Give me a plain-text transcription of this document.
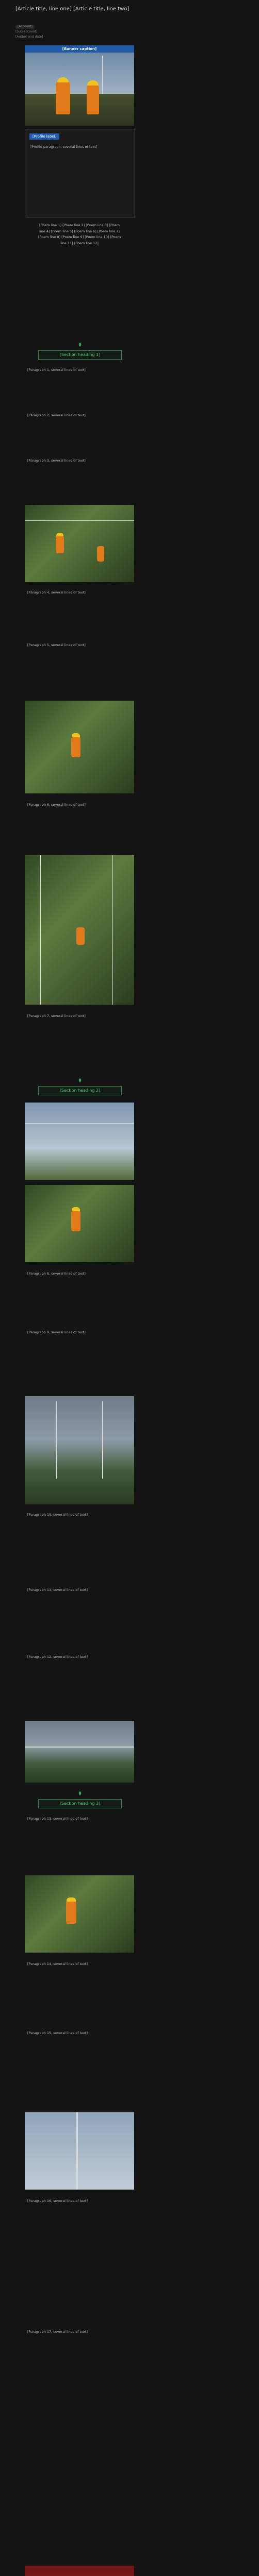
[Article title, line one] [Article title, line two]
[Account]
[Sub-account]
[Author and date]
[Banner caption]
[Profile label]
[Profile paragraph, several lines of text]
[Poem line 1] [Poem line 2] [Poem line 3] [Poem line 4] [Poem line 5] [Poem line 6] [Poem line 7] [Poem line 8] [Poem line 9] [Poem line 10] [Poem line 11] [Poem line 12]
[Section heading 1]
[Paragraph 1, several lines of text]
[Paragraph 2, several lines of text]
[Paragraph 3, several lines of text]
[Paragraph 4, several lines of text]
[Paragraph 5, several lines of text]
[Paragraph 6, several lines of text]
[Paragraph 7, several lines of text]
[Section heading 2]
[Paragraph 8, several lines of text]
[Paragraph 9, several lines of text]
[Paragraph 10, several lines of text]
[Paragraph 11, several lines of text]
[Paragraph 12, several lines of text]
[Section heading 3]
[Paragraph 13, several lines of text]
[Paragraph 14, several lines of text]
[Paragraph 15, several lines of text]
[Paragraph 16, several lines of text]
[Paragraph 17, several lines of text]
